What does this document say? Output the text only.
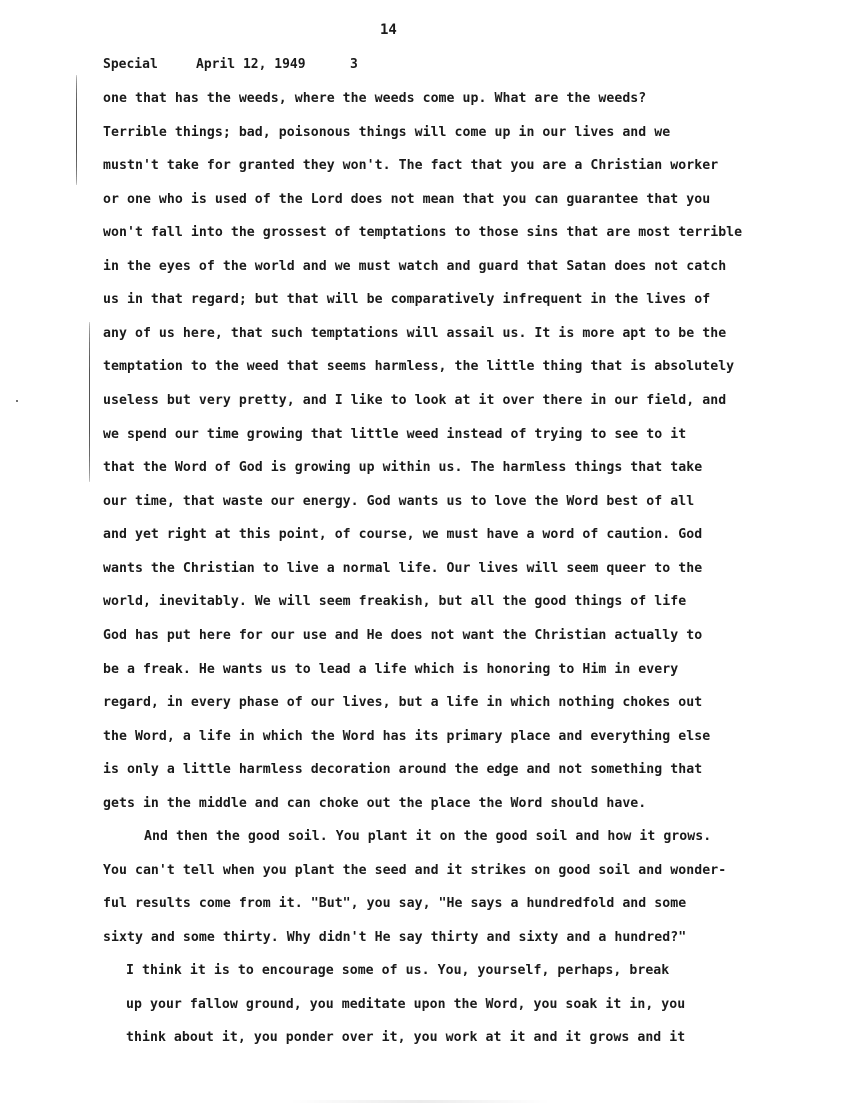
14
Special	April 12, 1949	3
one that has the weeds, where the weeds come up. What are the weeds?
Terrible things; bad, poisonous things will come up in our lives and we
mustn't take for granted they won't. The fact that you are a Christian worker
or one who is used of the Lord does not mean that you can guarantee that you
won't fall into the grossest of temptations to those sins that are most terrible
in the eyes of the world and we must watch and guard that Satan does not catch
us in that regard; but that will be comparatively infrequent in the lives of
any of us here, that such temptations will assail us. It is more apt to be the
temptation to the weed that seems harmless, the little thing that is absolutely
useless but very pretty, and I like to look at it over there in our field, and
we spend our time growing that little weed instead of trying to see to it
that the Word of God is growing up within us. The harmless things that take
our time, that waste our energy. God wants us to love the Word best of all
and yet right at this point, of course, we must have a word of caution. God
wants the Christian to live a normal life. Our lives will seem queer to the
world, inevitably. We will seem freakish, but all the good things of life
God has put here for our use and He does not want the Christian actually to
be a freak. He wants us to lead a life which is honoring to Him in every
regard, in every phase of our lives, but a life in which nothing chokes out
the Word, a life in which the Word has its primary place and everything else
is only a little harmless decoration around the edge and not something that
gets in the middle and can choke out the place the Word should have.
And then the good soil. You plant it on the good soil and how it grows.
You can't tell when you plant the seed and it strikes on good soil and wonder-
ful results come from it. "But", you say, "He says a hundredfold and some
sixty and some thirty. Why didn't He say thirty and sixty and a hundred?"
I think it is to encourage some of us. You, yourself, perhaps, break
up your fallow ground, you meditate upon the Word, you soak it in, you
think about it, you ponder over it, you work at it and it grows and it
